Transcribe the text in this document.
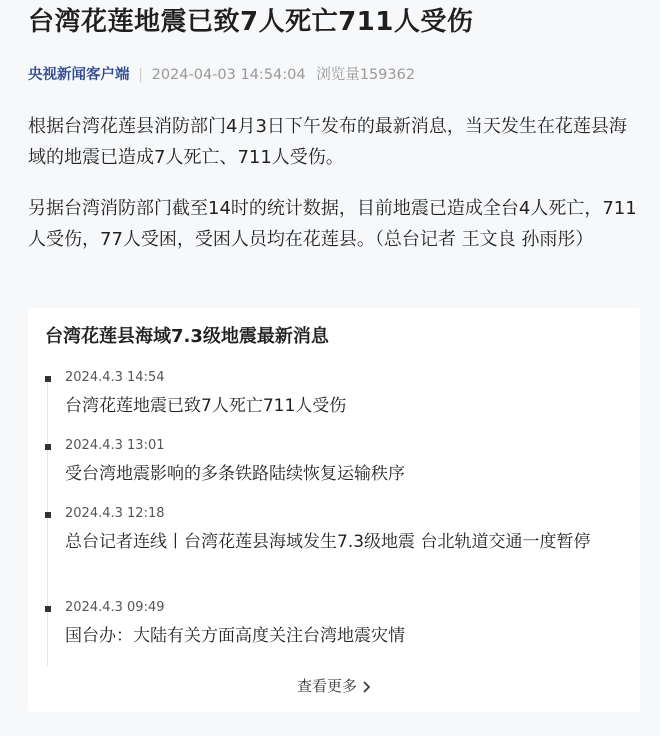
台湾花莲地震已致7人死亡711人受伤
央视新闻客户端 | 2024-04-03 14:54:04 浏览量159362

根据台湾花莲县消防部门4月3日下午发布的最新消息，当天发生在花莲县海域的地震已造成7人死亡、711人受伤。

另据台湾消防部门截至14时的统计数据，目前地震已造成全台4人死亡，711人受伤，77人受困，受困人员均在花莲县。（总台记者 王文良 孙雨彤）

台湾花莲县海域7.3级地震最新消息
2024.4.3 14:54

台湾花莲地震已致7人死亡711人受伤

2024.4.3 13:01

受台湾地震影响的多条铁路陆续恢复运输秩序

2024.4.3 12:18

总台记者连线丨台湾花莲县海域发生7.3级地震 台北轨道交通一度暂停

2024.4.3 09:49

国台办：大陆有关方面高度关注台湾地震灾情

查看更多
